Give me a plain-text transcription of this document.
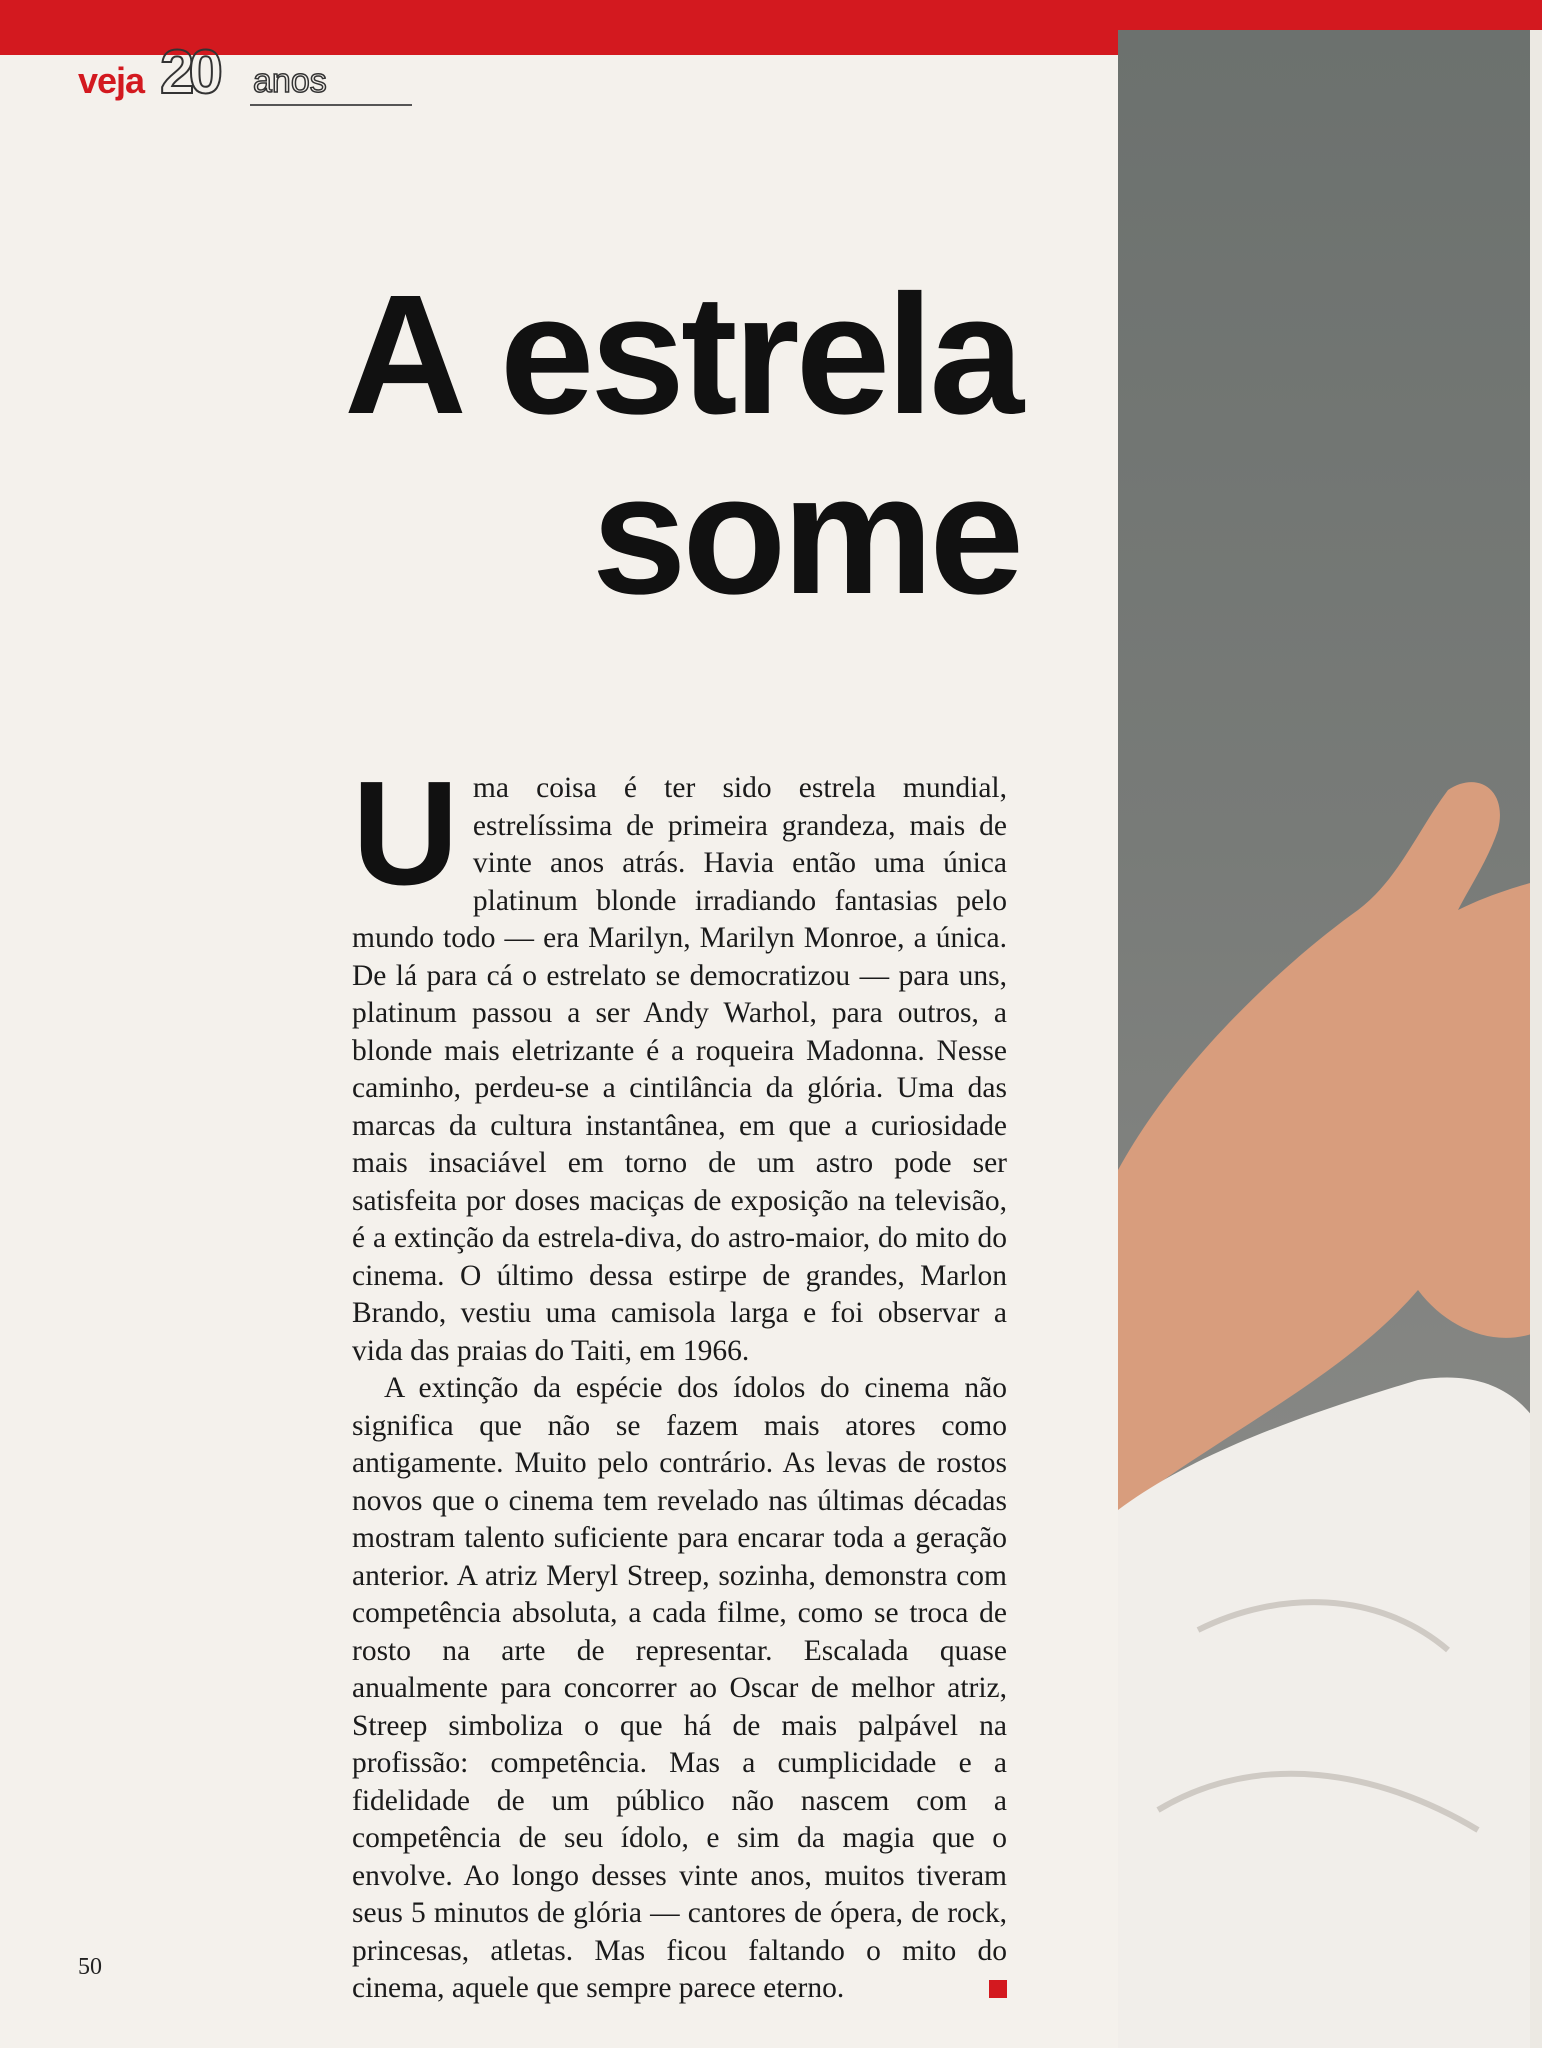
veja 20 anos
A estrela
some

Uma coisa é ter sido estrela mundial, estrelíssima de primeira grandeza, mais de vinte anos atrás. Havia então uma única platinum blonde irradiando fantasias pelo mundo todo — era Marilyn, Marilyn Monroe, a única. De lá para cá o estrelato se democratizou — para uns, platinum passou a ser Andy Warhol, para outros, a blonde mais eletrizante é a roqueira Madonna. Nesse caminho, perdeu-se a cintilância da glória. Uma das marcas da cultura instantânea, em que a curiosidade mais insaciável em torno de um astro pode ser satisfeita por doses maciças de exposição na televisão, é a extinção da estrela-diva, do astro-maior, do mito do cinema. O último dessa estirpe de grandes, Marlon Brando, vestiu uma camisola larga e foi observar a vida das praias do Taiti, em 1966.

A extinção da espécie dos ídolos do cinema não significa que não se fazem mais atores como antigamente. Muito pelo contrário. As levas de rostos novos que o cinema tem revelado nas últimas décadas mostram talento suficiente para encarar toda a geração anterior. A atriz Meryl Streep, sozinha, demonstra com competência absoluta, a cada filme, como se troca de rosto na arte de representar. Escalada quase anualmente para concorrer ao Oscar de melhor atriz, Streep simboliza o que há de mais palpável na profissão: competência. Mas a cumplicidade e a fidelidade de um público não nascem com a competência de seu ídolo, e sim da magia que o envolve. Ao longo desses vinte anos, muitos tiveram seus 5 minutos de glória — cantores de ópera, de rock, princesas, atletas. Mas ficou faltando o mito do cinema, aquele que sempre parece eterno.

50
